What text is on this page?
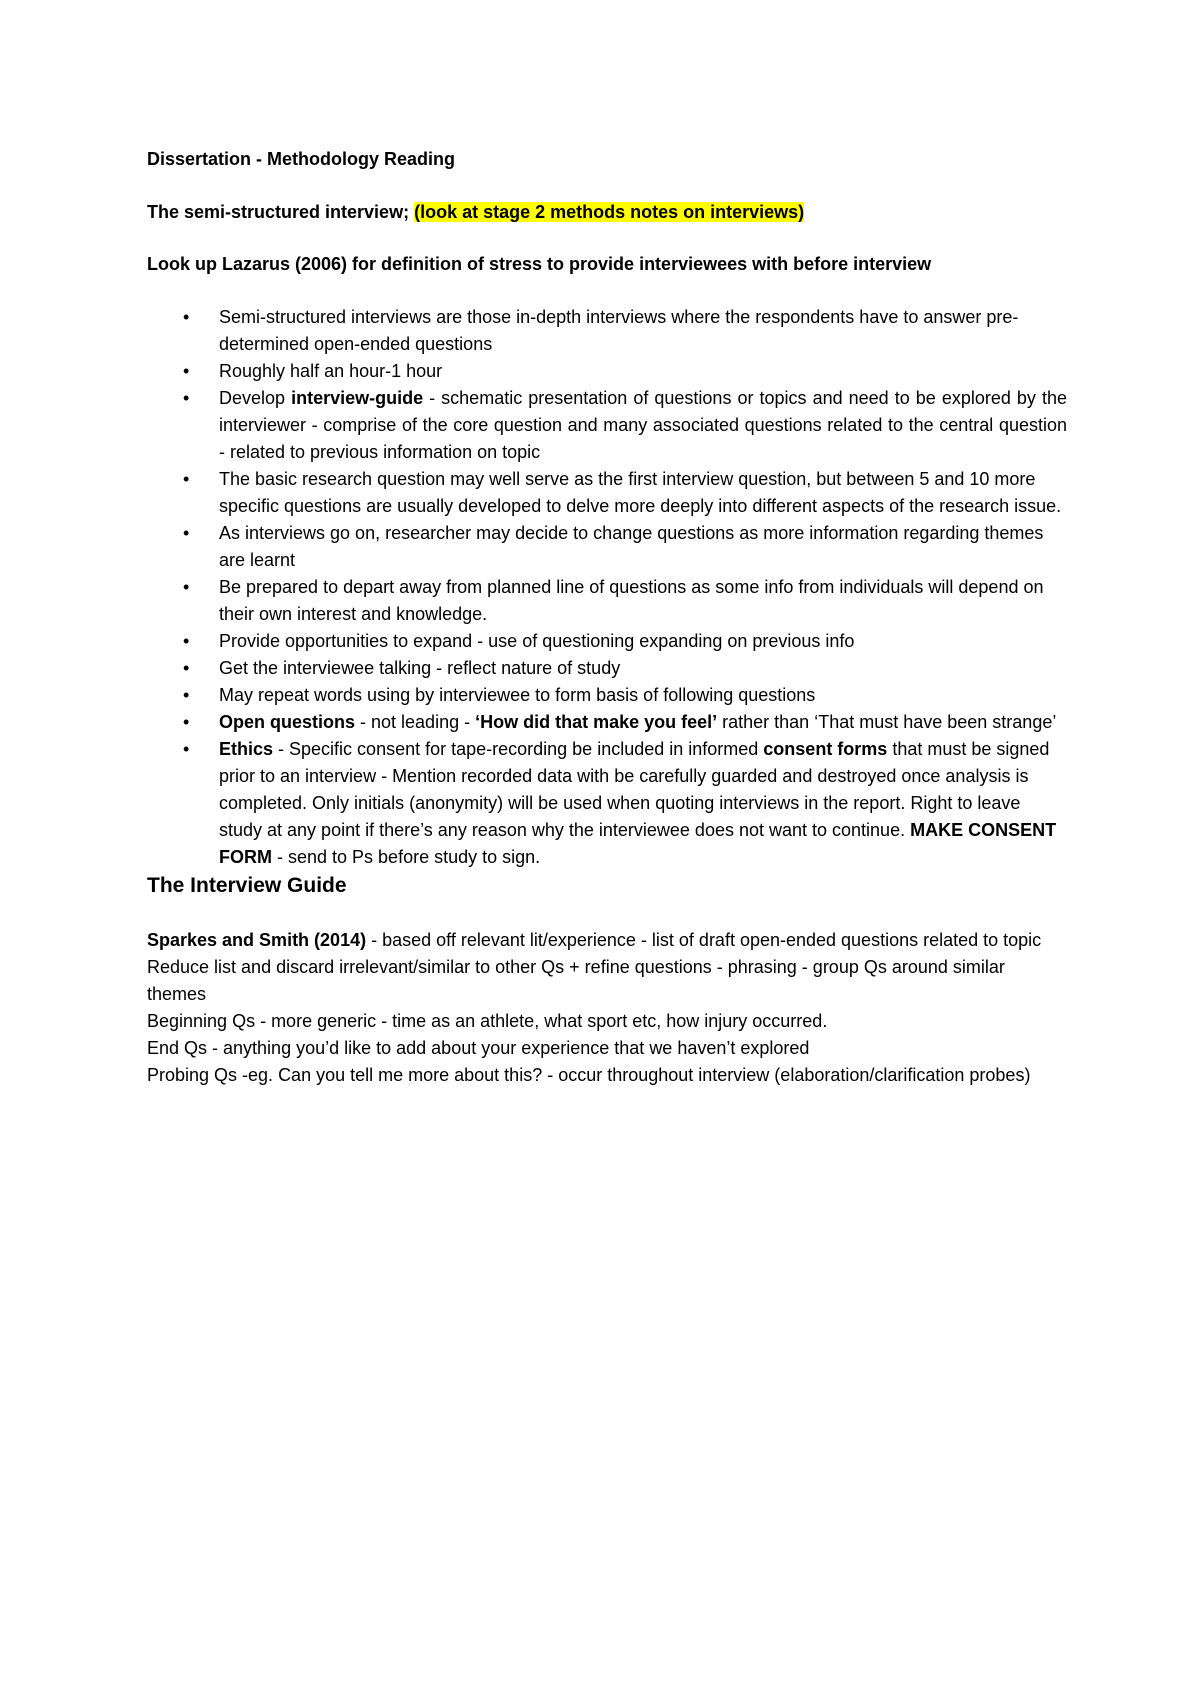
Dissertation - Methodology Reading

The semi-structured interview; (look at stage 2 methods notes on interviews)

Look up Lazarus (2006) for definition of stress to provide interviewees with before interview

• Semi-structured interviews are those in-depth interviews where the respondents have to answer pre-determined open-ended questions
• Roughly half an hour-1 hour
• Develop interview-guide - schematic presentation of questions or topics and need to be explored by the interviewer - comprise of the core question and many associated questions related to the central question - related to previous information on topic
• The basic research question may well serve as the first interview question, but between 5 and 10 more specific questions are usually developed to delve more deeply into different aspects of the research issue.
• As interviews go on, researcher may decide to change questions as more information regarding themes are learnt
• Be prepared to depart away from planned line of questions as some info from individuals will depend on their own interest and knowledge.
• Provide opportunities to expand - use of questioning expanding on previous info
• Get the interviewee talking - reflect nature of study
• May repeat words using by interviewee to form basis of following questions
• Open questions - not leading - ‘How did that make you feel’ rather than ‘That must have been strange’
• Ethics - Specific consent for tape-recording be included in informed consent forms that must be signed prior to an interview - Mention recorded data with be carefully guarded and destroyed once analysis is completed. Only initials (anonymity) will be used when quoting interviews in the report. Right to leave study at any point if there’s any reason why the interviewee does not want to continue. MAKE CONSENT FORM - send to Ps before study to sign.
The Interview Guide

Sparkes and Smith (2014) - based off relevant lit/experience - list of draft open-ended questions related to topic

Reduce list and discard irrelevant/similar to other Qs + refine questions - phrasing - group Qs around similar themes

Beginning Qs - more generic - time as an athlete, what sport etc, how injury occurred.

End Qs - anything you’d like to add about your experience that we haven’t explored

Probing Qs -eg. Can you tell me more about this? - occur throughout interview (elaboration/clarification probes)
